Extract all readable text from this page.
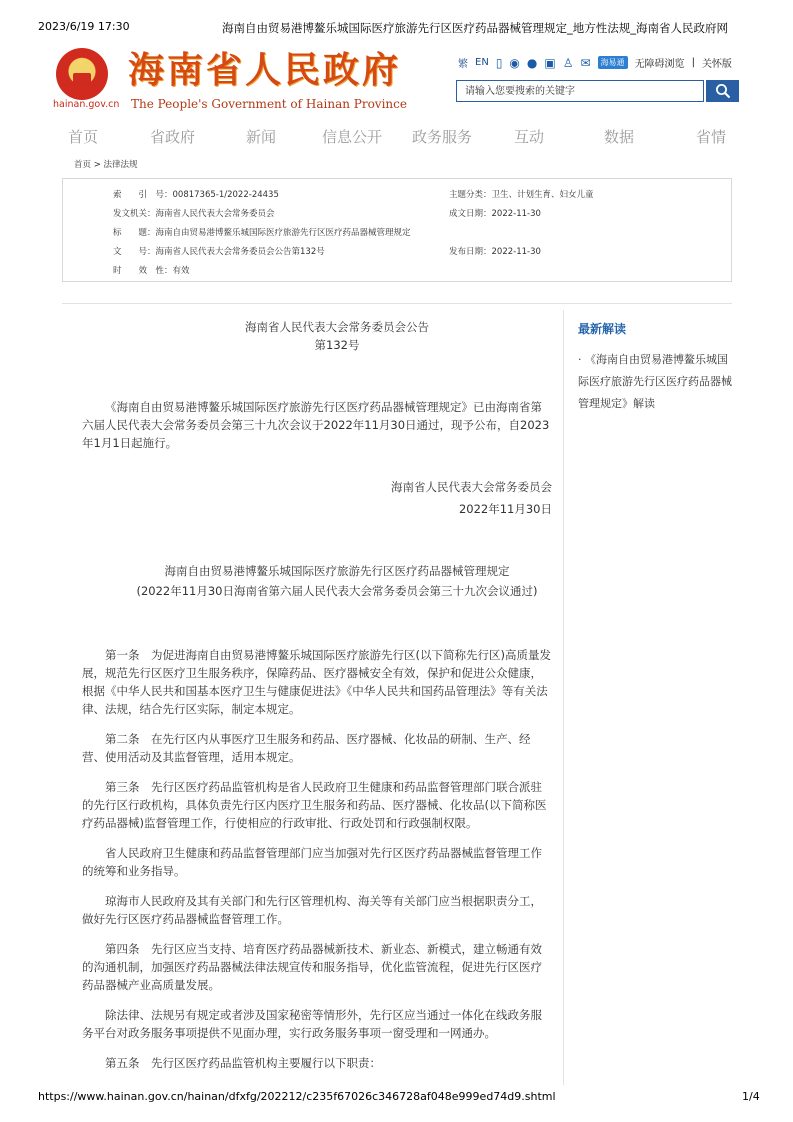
2023/6/19 17:30	海南自由贸易港博鳌乐城国际医疗旅游先行区医疗药品器械管理规定_地方性法规_海南省人民政府网
★
hainan.gov.cn
海南省人民政府
The People's Government of Hainan Province
繁 EN ▯ ◉ ● ▣ ♙ ✉	海易通	无障碍浏览 | 关怀版
请输入您要搜索的关键字
首页	省政府	新闻	信息公开 政务服务	互动	数据	省情
首页 > 法律法规
索　　引　号：00817365-1/2022-24435	主题分类：卫生、计划生育、妇女儿童
发文机关：海南省人民代表大会常务委员会	成文日期：2022-11-30
标　　题：海南自由贸易港博鳌乐城国际医疗旅游先行区医疗药品器械管理规定
文　　号：海南省人民代表大会常务委员会公告第132号	发布日期：2022-11-30
时　　效　性：有效

海南省人民代表大会常务委员会公告

第132号

《海南自由贸易港博鳌乐城国际医疗旅游先行区医疗药品器械管理规定》已由海南省第六届人民代表大会常务委员会第三十九次会议于2022年11月30日通过，现予公布，自2023年1月1日起施行。

海南省人民代表大会常务委员会

2022年11月30日

海南自由贸易港博鳌乐城国际医疗旅游先行区医疗药品器械管理规定

(2022年11月30日海南省第六届人民代表大会常务委员会第三十九次会议通过)

第一条　为促进海南自由贸易港博鳌乐城国际医疗旅游先行区(以下简称先行区)高质量发展，规范先行区医疗卫生服务秩序，保障药品、医疗器械安全有效，保护和促进公众健康，根据《中华人民共和国基本医疗卫生与健康促进法》《中华人民共和国药品管理法》等有关法律、法规，结合先行区实际，制定本规定。

第二条　在先行区内从事医疗卫生服务和药品、医疗器械、化妆品的研制、生产、经营、使用活动及其监督管理，适用本规定。

第三条　先行区医疗药品监管机构是省人民政府卫生健康和药品监督管理部门联合派驻的先行区行政机构，具体负责先行区内医疗卫生服务和药品、医疗器械、化妆品(以下简称医疗药品器械)监督管理工作，行使相应的行政审批、行政处罚和行政强制权限。

省人民政府卫生健康和药品监督管理部门应当加强对先行区医疗药品器械监督管理工作的统筹和业务指导。

琼海市人民政府及其有关部门和先行区管理机构、海关等有关部门应当根据职责分工，做好先行区医疗药品器械监督管理工作。

第四条　先行区应当支持、培育医疗药品器械新技术、新业态、新模式，建立畅通有效的沟通机制，加强医疗药品器械法律法规宣传和服务指导，优化监管流程，促进先行区医疗药品器械产业高质量发展。

除法律、法规另有规定或者涉及国家秘密等情形外，先行区应当通过一体化在线政务服务平台对政务服务事项提供不见面办理，实行政务服务事项一窗受理和一网通办。

第五条　先行区医疗药品监管机构主要履行以下职责：

最新解读
· 《海南自由贸易港博鳌乐城国际医疗旅游先行区医疗药品器械管理规定》解读
https://www.hainan.gov.cn/hainan/dfxfg/202212/c235f67026c346728af048e999ed74d9.shtml	1/4
